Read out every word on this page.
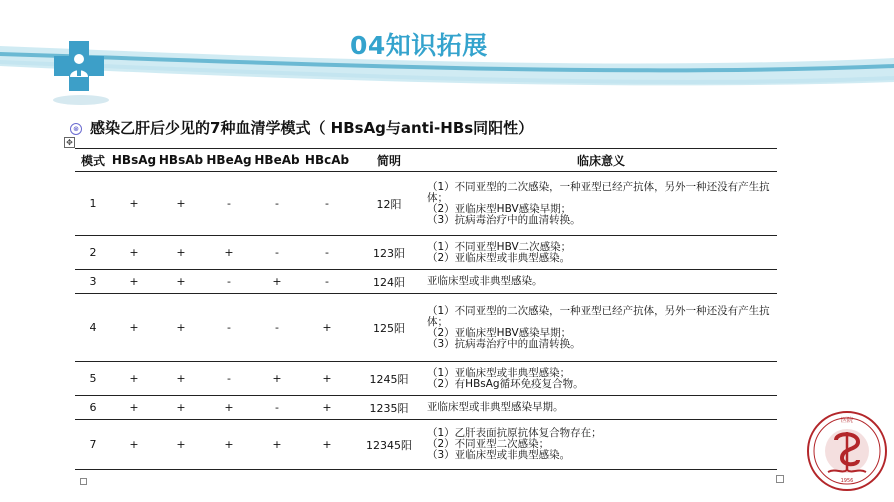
04知识拓展
⊗ 感染乙肝后少见的7种血清学模式（ HBsAg与anti-HBs同阳性）
✥
模式	HBsAg	HBsAb	HBeAg	HBeAb	HBcAb	简明	临床意义
1	+	+	-	-	-	12阳	（1）不同亚型的二次感染，一种亚型已经产抗体，另外一种还没有产生抗体；
（2）亚临床型HBV感染早期；
（3）抗病毒治疗中的血清转换。

2	+	+	+	-	-	123阳	（1）不同亚型HBV二次感染；
（2）亚临床型或非典型感染。

3	+	+	-	+	-	124阳	亚临床型或非典型感染。

4	+	+	-	-	+	125阳	（1）不同亚型的二次感染，一种亚型已经产抗体，另外一种还没有产生抗体；
（2）亚临床型HBV感染早期；
（3）抗病毒治疗中的血清转换。

5	+	+	-	+	+	1245阳	（1）亚临床型或非典型感染；
（2）有HBsAg循环免疫复合物。

6	+	+	+	-	+	1235阳	亚临床型或非典型感染早期。

7	+	+	+	+	+	12345阳	（1）乙肝表面抗原抗体复合物存在；
（2）不同亚型二次感染；
（3）亚临床型或非典型感染。
1956
医院
